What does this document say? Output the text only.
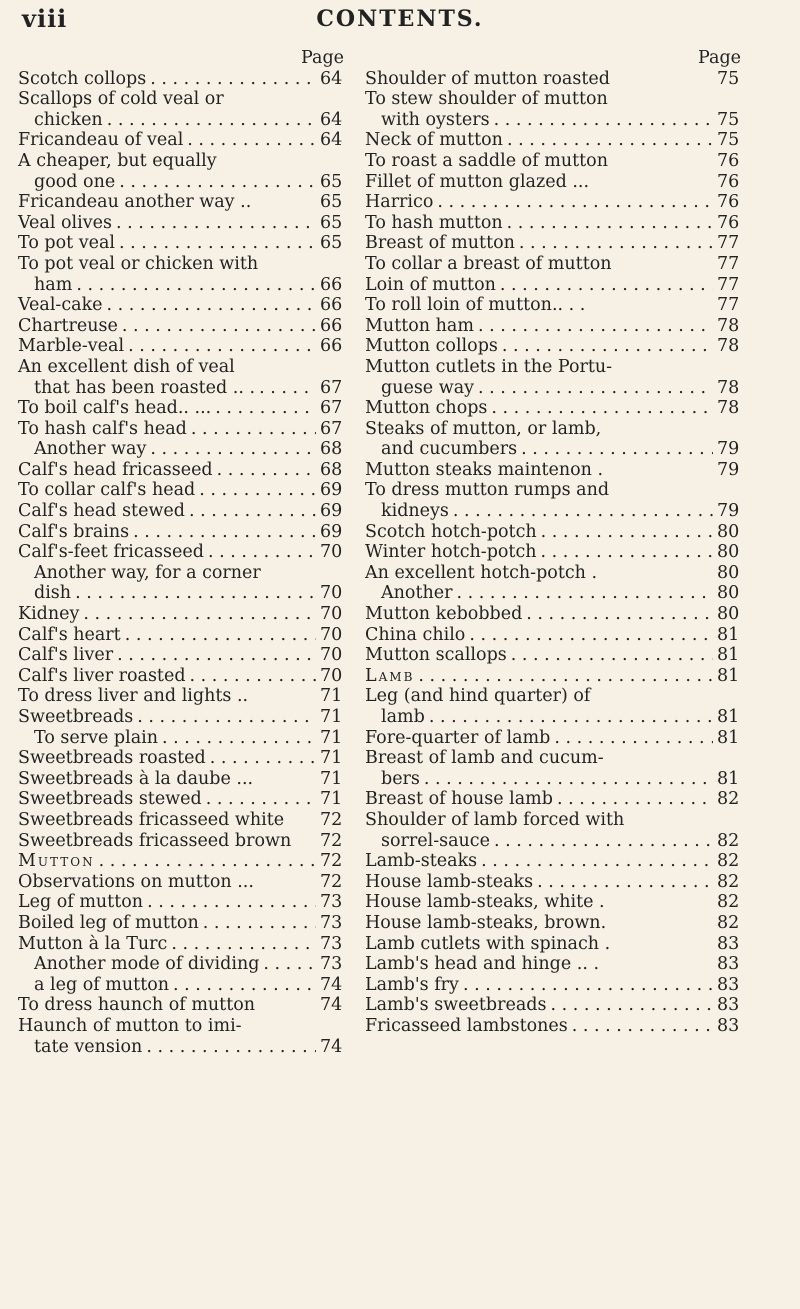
viii	CONTENTS.
Page
Scotch collops . . .	64
Scallops of cold veal or
chicken . . .	64
Fricandeau of veal . . .	64
A cheaper, but equally
good one . . .	65
Fricandeau another way ..	65
Veal olives . . .	65
To pot veal . . .	65
To pot veal or chicken with
ham . . .	66
Veal-cake . . .	66
Chartreuse . . .	66
Marble-veal . . .	66
An excellent dish of veal
that has been roasted .. . . . .	67
To boil calf's head.. ... . . .	67
To hash calf's head . . .	67
Another way . . .	68
Calf's head fricasseed . . .	68
To collar calf's head . . .	69
Calf's head stewed . . .	69
Calf's brains . . .	69
Calf's-feet fricasseed . . .	70
Another way, for a corner
dish . . .	70
Kidney . . .	70
Calf's heart . . .	70
Calf's liver . . .	70
Calf's liver roasted . . .	70
To dress liver and lights ..	71
Sweetbreads . . .	71
To serve plain . . .	71
Sweetbreads roasted . . .	71
Sweetbreads à la daube ...	71
Sweetbreads stewed . . .	71
Sweetbreads fricasseed white 72
Sweetbreads fricasseed brown 72
Mutton . . .	72
Observations on mutton ...	72
Leg of mutton . . .	73
Boiled leg of mutton . . .	73
Mutton à la Turc . . .	73
Another mode of dividing . . .	73
a leg of mutton . . .	74
To dress haunch of mutton	74
Haunch of mutton to imi-
tate vension . . .	74
Page
Shoulder of mutton roasted	75
To stew shoulder of mutton
with oysters . . .	75
Neck of mutton . . .	75
To roast a saddle of mutton	76
Fillet of mutton glazed ...	76
Harrico . . .	76
To hash mutton . . .	76
Breast of mutton . . .	77
To collar a breast of mutton	77
Loin of mutton . . .	77
To roll loin of mutton.. . .	77
Mutton ham . . .	78
Mutton collops . . .	78
Mutton cutlets in the Portu-
guese way . . .	78
Mutton chops . . .	78
Steaks of mutton, or lamb,
and cucumbers . . .	79
Mutton steaks maintenon .	79
To dress mutton rumps and
kidneys . . .	79
Scotch hotch-potch . . .	80
Winter hotch-potch . . .	80
An excellent hotch-potch .	80
Another . . .	80
Mutton kebobbed . . .	80
China chilo . . .	81
Mutton scallops . . .	81
Lamb . . .	81
Leg (and hind quarter) of
lamb . . .	81
Fore-quarter of lamb . . .	81
Breast of lamb and cucum-
bers . . .	81
Breast of house lamb . . .	82
Shoulder of lamb forced with
sorrel-sauce . . .	82
Lamb-steaks . . .	82
House lamb-steaks . . .	82
House lamb-steaks, white .	82
House lamb-steaks, brown.	82
Lamb cutlets with spinach .	83
Lamb's head and hinge .. .	83
Lamb's fry . . .	83
Lamb's sweetbreads . . .	83
Fricasseed lambstones . . .	83
